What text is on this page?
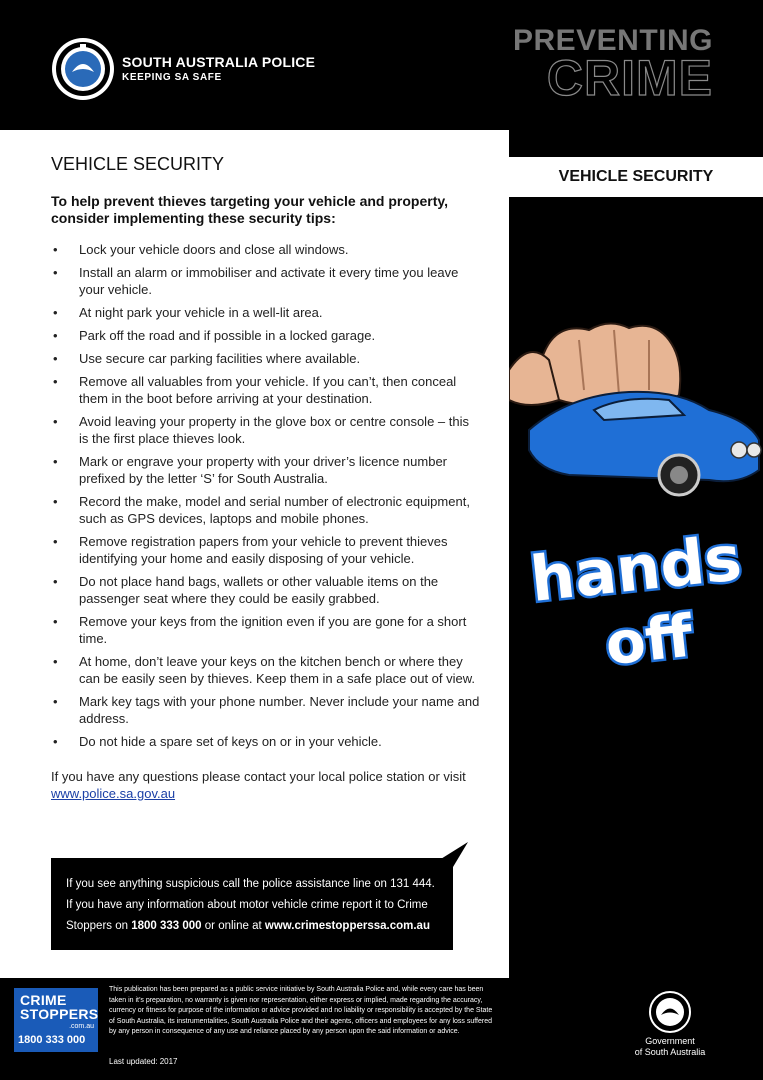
SOUTH AUSTRALIA POLICE
KEEPING SA SAFE
PREVENTING
CRIME
VEHICLE SECURITY
hands
off
VEHICLE SECURITY

To help prevent thieves targeting your vehicle and property, consider implementing these security tips:

• Lock your vehicle doors and close all windows.
• Install an alarm or immobiliser and activate it every time you leave your vehicle.
• At night park your vehicle in a well-lit area.
• Park off the road and if possible in a locked garage.
• Use secure car parking facilities where available.
• Remove all valuables from your vehicle. If you can’t, then conceal them in the boot before arriving at your destination.
• Avoid leaving your property in the glove box or centre console – this is the first place thieves look.
• Mark or engrave your property with your driver’s licence number prefixed by the letter ‘S’ for South Australia.
• Record the make, model and serial number of electronic equipment, such as GPS devices, laptops and mobile phones.
• Remove registration papers from your vehicle to prevent thieves identifying your home and easily disposing of your vehicle.
• Do not place hand bags, wallets or other valuable items on the passenger seat where they could be easily grabbed.
• Remove your keys from the ignition even if you are gone for a short time.
• At home, don’t leave your keys on the kitchen bench or where they can be easily seen by thieves. Keep them in a safe place out of view.
• Mark key tags with your phone number. Never include your name and address.
• Do not hide a spare set of keys on or in your vehicle.

If you have any questions please contact your local police station or visit www.police.sa.gov.au

If you see anything suspicious call the police assistance line on 131 444.
If you have any information about motor vehicle crime report it to Crime Stoppers on 1800 333 000 or online at www.crimestopperssa.com.au
CRIME
STOPPERS
.com.au
1800 333 000
This publication has been prepared as a public service initiative by South Australia Police and, while every care has been taken in it’s preparation, no warranty is given nor representation, either express or implied, made regarding the accuracy, currency or fitness for purpose of the information or advice provided and no liability or responsibility is accepted by the State of South Australia, its instrumentalities, South Australia Police and their agents, officers and employees for any loss suffered by any person in consequence of any use and reliance placed by any person upon the said information or advice.
Last updated: 2017
Government
of South Australia
